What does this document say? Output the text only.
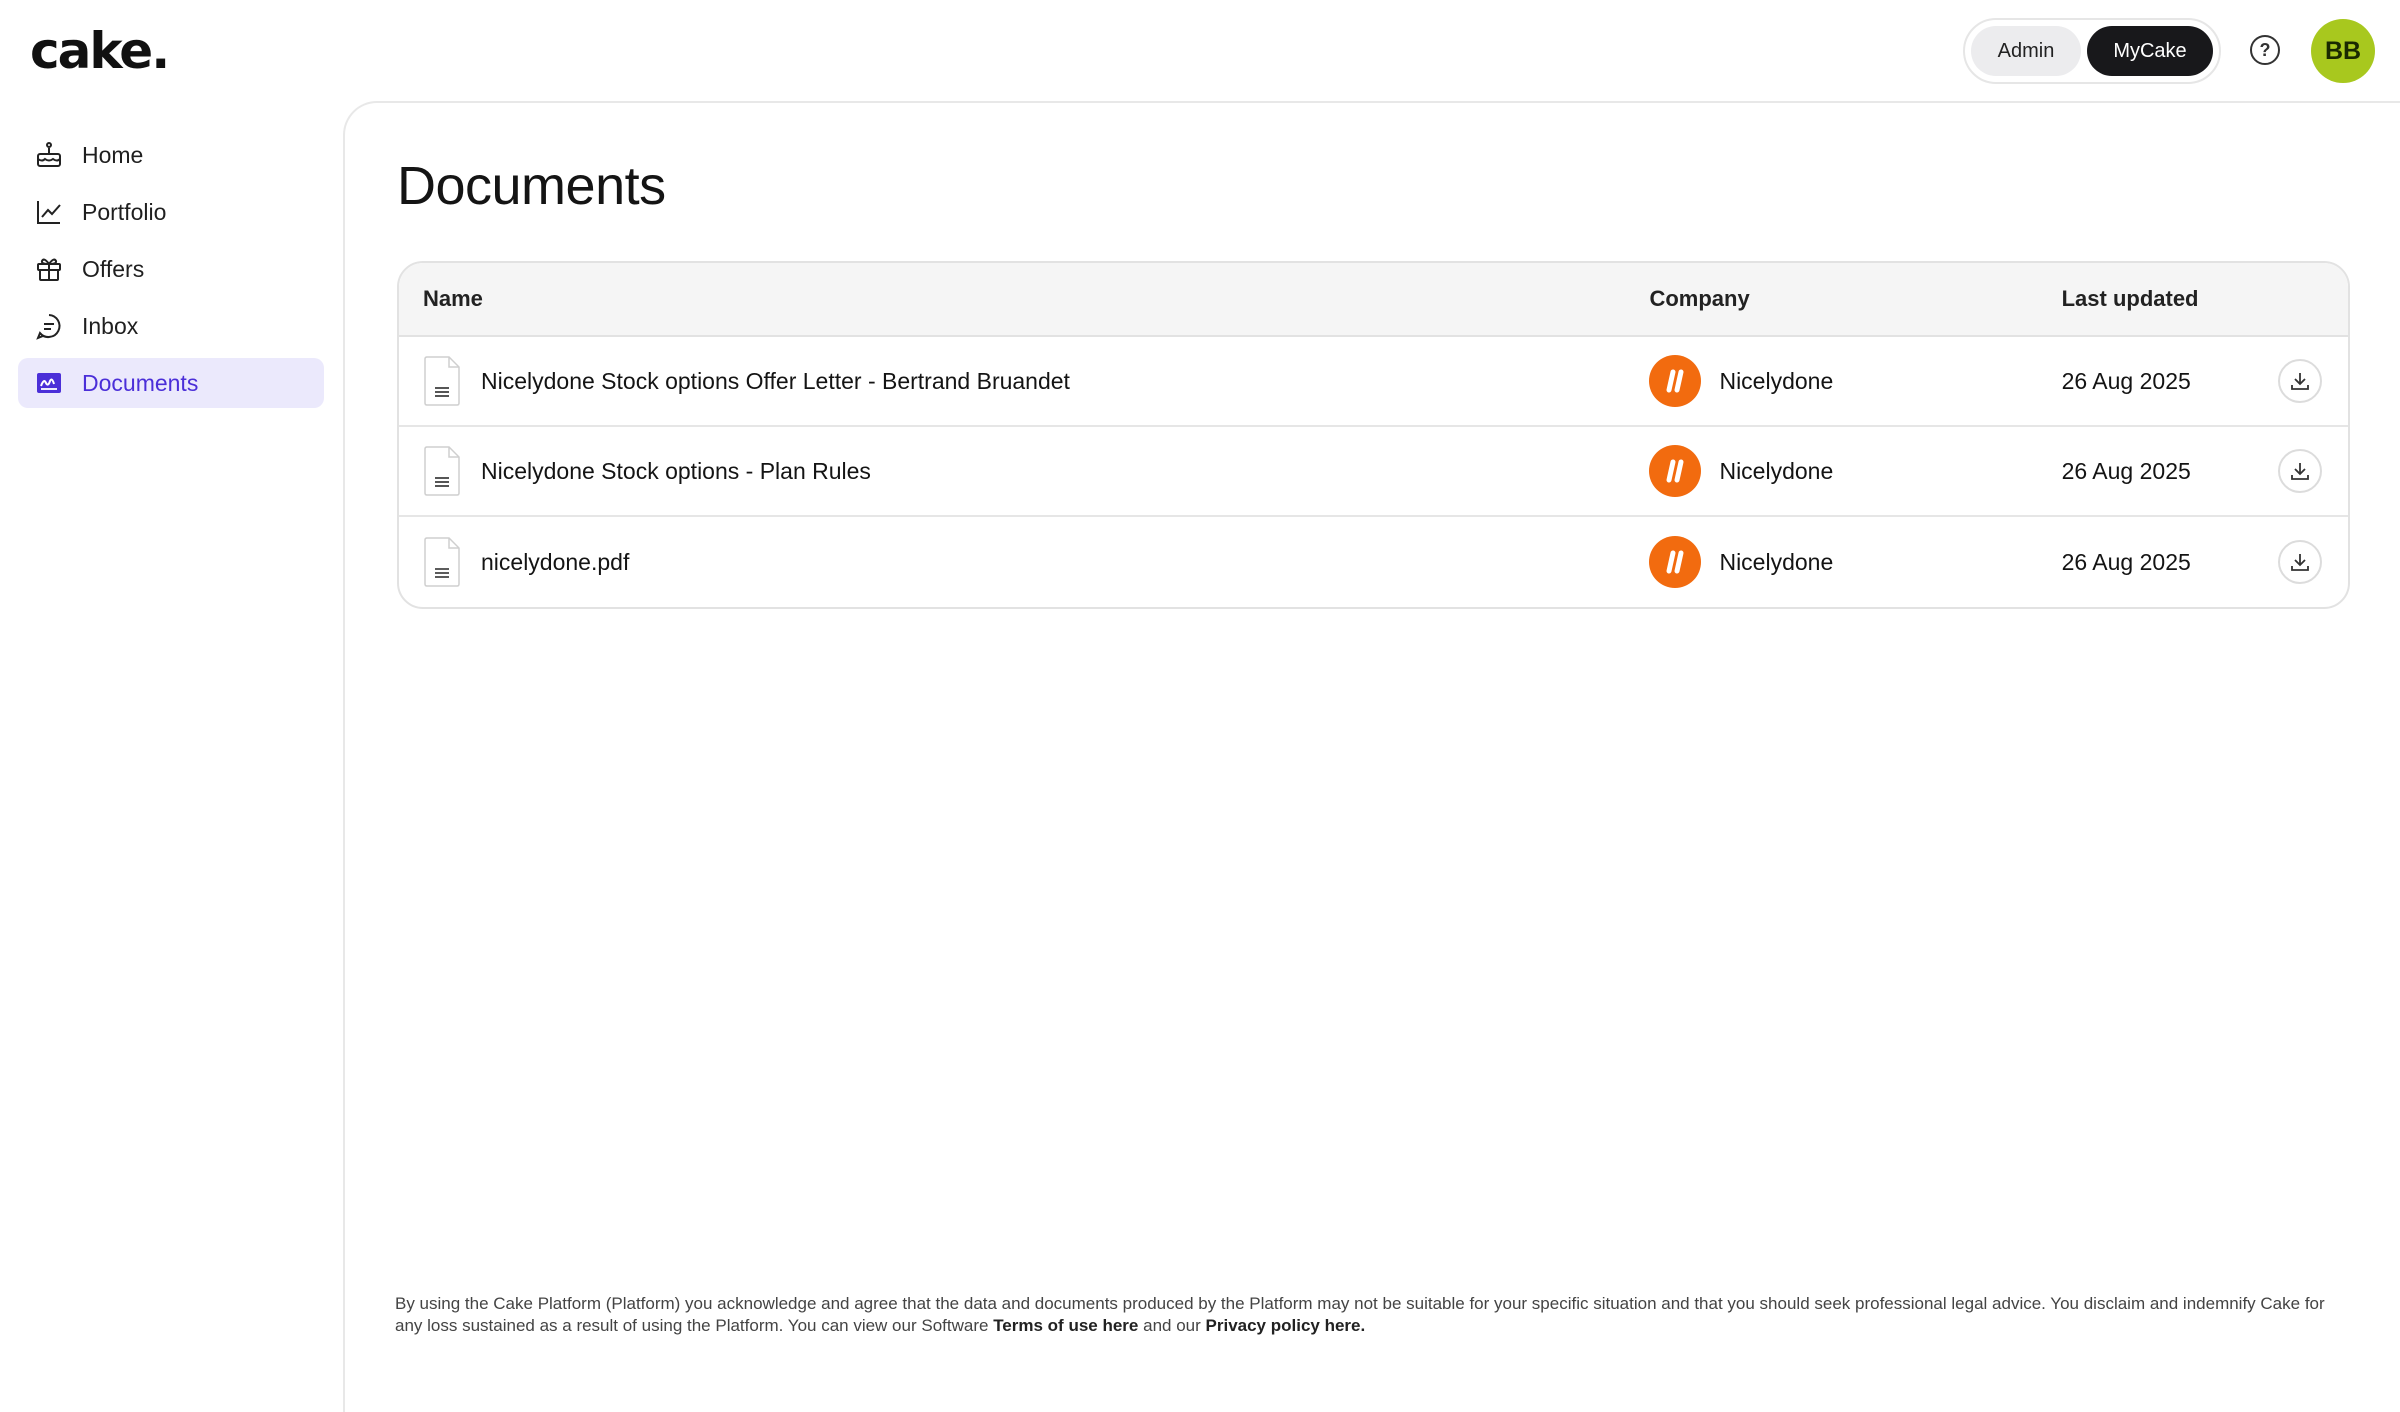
cake.	Admin	MyCake	?	BB
Home
Portfolio
Offers
Inbox
Documents
Documents
Name	Company	Last updated
Nicelydone Stock options Offer Letter - Bertrand Bruandet	Nicelydone	26 Aug 2025
Nicelydone Stock options - Plan Rules	Nicelydone	26 Aug 2025
nicelydone.pdf	Nicelydone	26 Aug 2025
By using the Cake Platform (Platform) you acknowledge and agree that the data and documents produced by the Platform may not be suitable for your specific situation and that you should seek professional legal advice. You disclaim and indemnify Cake for any loss sustained as a result of using the Platform. You can view our Software Terms of use here and our Privacy policy here.
